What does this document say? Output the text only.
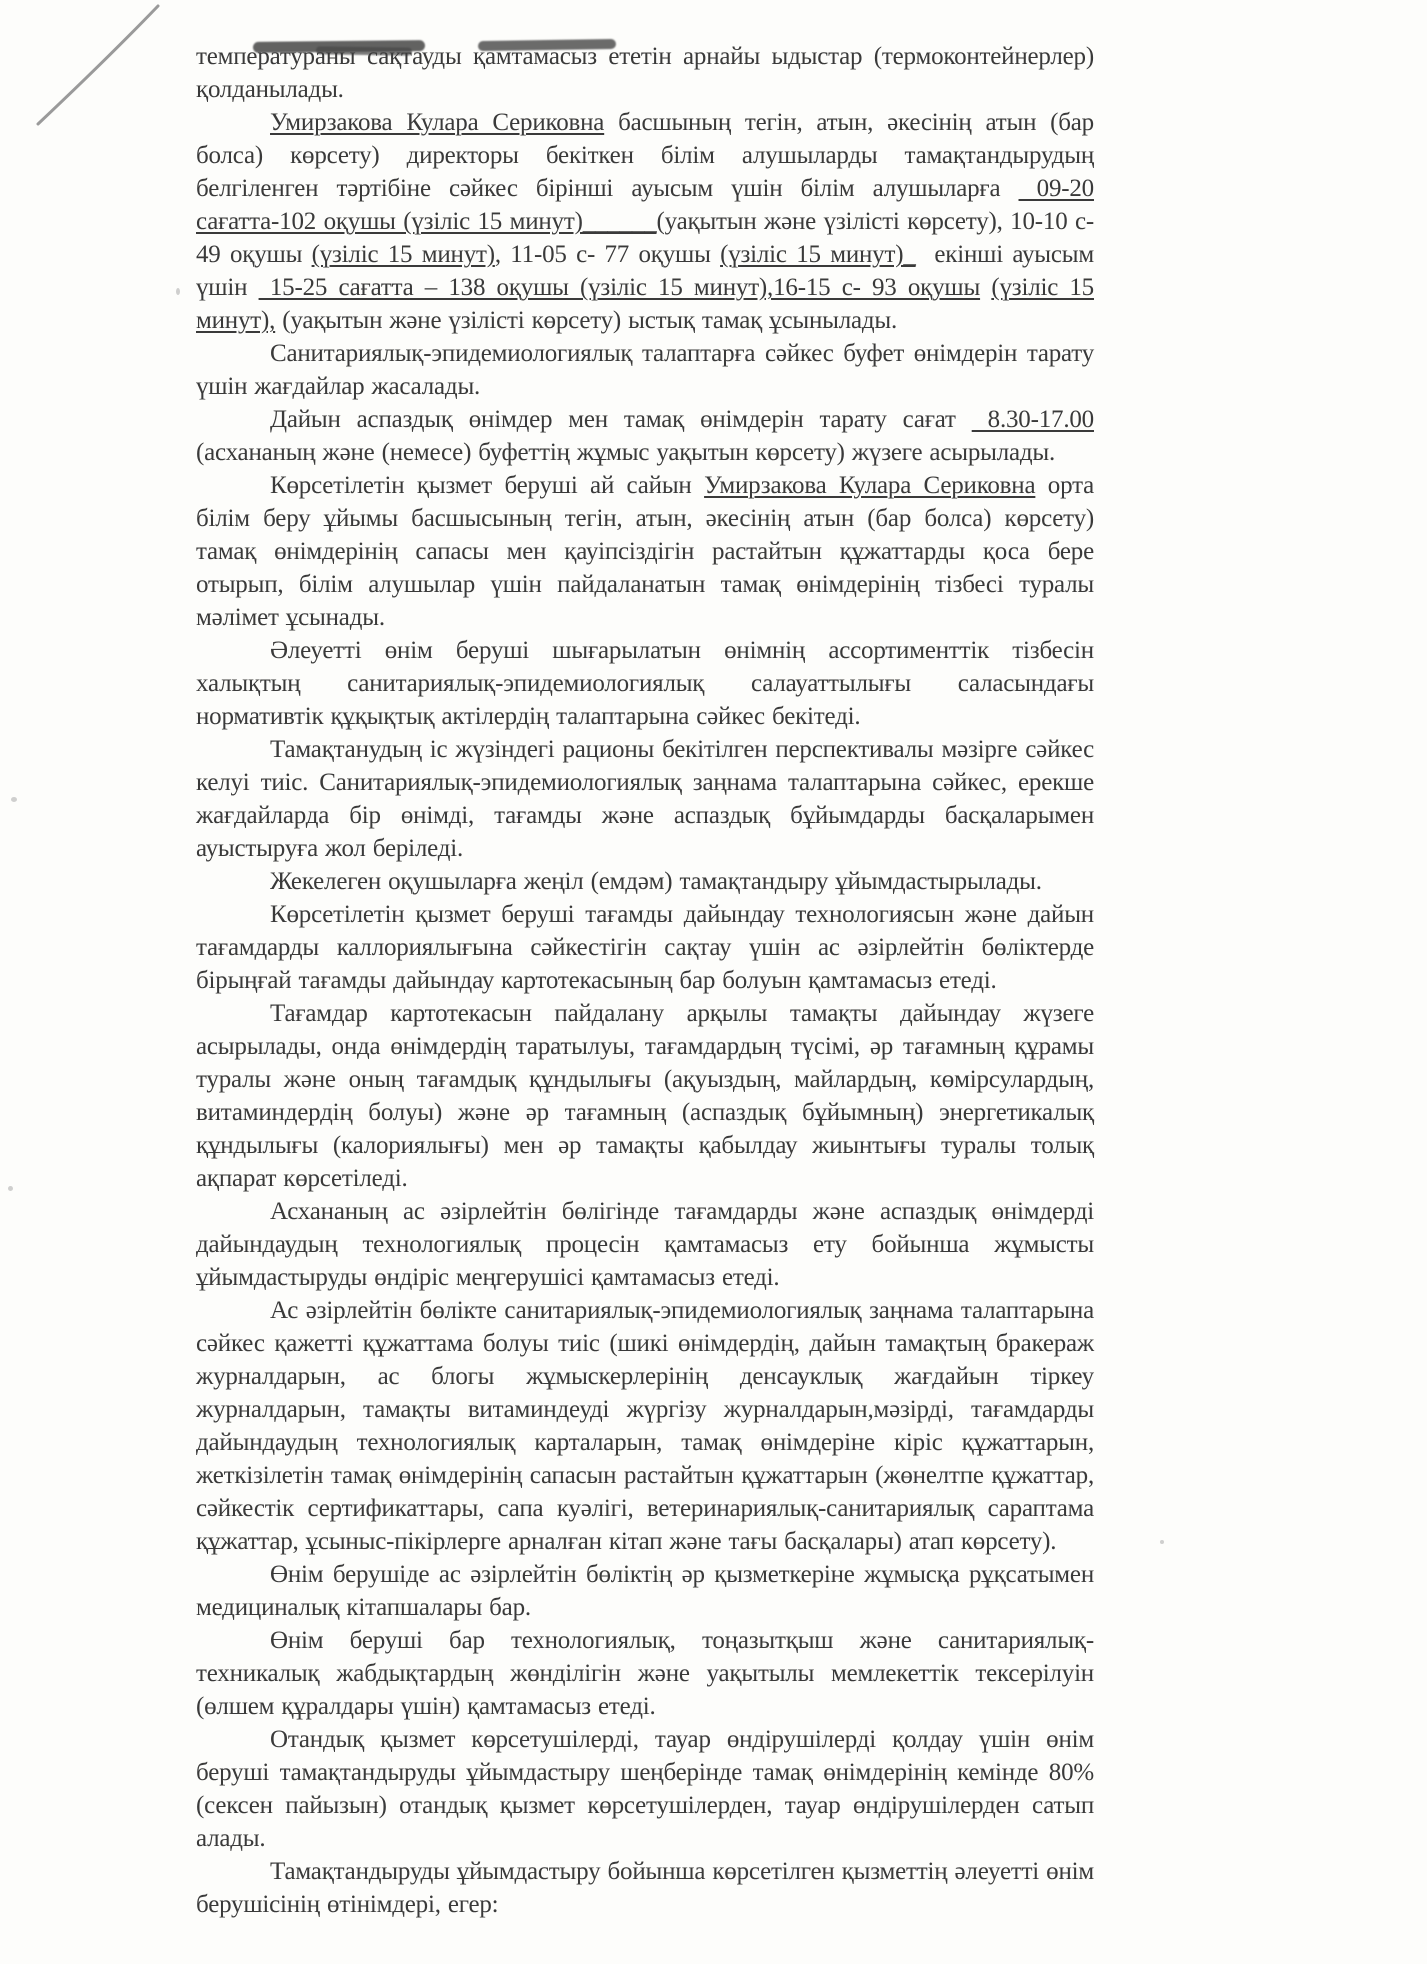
температураны сақтауды қамтамасыз ететін арнайы ыдыстар (термоконтейнерлер) қолданылады.

Умирзакова Кулара Сериковна басшының тегін, атын, әкесінің атын (бар болса) көрсету) директоры бекіткен білім алушыларды тамақтандырудың белгіленген тәртібіне сәйкес бірінші ауысым үшін білім алушыларға  09-20 сағатта-102 оқушы (үзіліс 15 минут)______(уақытын және үзілісті көрсету), 10-10 с- 49 оқушы (үзіліс 15 минут), 11-05 с- 77 оқушы (үзіліс 15 минут)_  екінші ауысым үшін  15-25 сағатта – 138 оқушы (үзіліс 15 минут),16-15 с- 93 оқушы (үзіліс 15 минут), (уақытын және үзілісті көрсету) ыстық тамақ ұсынылады.

Санитариялық-эпидемиологиялық талаптарға сәйкес буфет өнімдерін тарату үшін жағдайлар жасалады.

Дайын аспаздық өнімдер мен тамақ өнімдерін тарату сағат  8.30-17.00 (асхананың және (немесе) буфеттің жұмыс уақытын көрсету) жүзеге асырылады.

Көрсетілетін қызмет беруші ай сайын Умирзакова Кулара Сериковна орта білім беру ұйымы басшысының тегін, атын, әкесінің атын (бар болса) көрсету) тамақ өнімдерінің сапасы мен қауіпсіздігін растайтын құжаттарды қоса бере отырып, білім алушылар үшін пайдаланатын тамақ өнімдерінің тізбесі туралы мәлімет ұсынады.

Әлеуетті өнім беруші шығарылатын өнімнің ассортименттік тізбесін халықтың санитариялық-эпидемиологиялық салауаттылығы саласындағы нормативтік құқықтық актілердің талаптарына сәйкес бекітеді.

Тамақтанудың іс жүзіндегі рационы бекітілген перспективалы мәзірге сәйкес келуі тиіс. Санитариялық-эпидемиологиялық заңнама талаптарына сәйкес, ерекше жағдайларда бір өнімді, тағамды және аспаздық бұйымдарды басқаларымен ауыстыруға жол беріледі.

Жекелеген оқушыларға жеңіл (емдәм) тамақтандыру ұйымдастырылады.

Көрсетілетін қызмет беруші тағамды дайындау технологиясын және дайын тағамдарды каллориялығына сәйкестігін сақтау үшін ас әзірлейтін бөліктерде бірыңғай тағамды дайындау картотекасының бар болуын қамтамасыз етеді.

Тағамдар картотекасын пайдалану арқылы тамақты дайындау жүзеге асырылады, онда өнімдердің таратылуы, тағамдардың түсімі, әр тағамның құрамы туралы және оның тағамдық құндылығы (ақуыздың, майлардың, көмірсулардың, витаминдердің болуы) және әр тағамның (аспаздық бұйымның) энергетикалық құндылығы (калориялығы) мен әр тамақты қабылдау жиынтығы туралы толық ақпарат көрсетіледі.

Асхананың ас әзірлейтін бөлігінде тағамдарды және аспаздық өнімдерді дайындаудың технологиялық процесін қамтамасыз ету бойынша жұмысты ұйымдастыруды өндіріс меңгерушісі қамтамасыз етеді.

Ас әзірлейтін бөлікте санитариялық-эпидемиологиялық заңнама талаптарына сәйкес қажетті құжаттама болуы тиіс (шикі өнімдердің, дайын тамақтың бракераж журналдарын, ас блогы жұмыскерлерінің денсауклық жағдайын тіркеу журналдарын, тамақты витаминдеуді жүргізу журналдарын,мәзірді, тағамдарды дайындаудың технологиялық карталарын, тамақ өнімдеріне кіріс құжаттарын, жеткізілетін тамақ өнімдерінің сапасын растайтын құжаттарын (жөнелтпе құжаттар, сәйкестік сертификаттары, сапа куәлігі, ветеринариялық-санитариялық сараптама құжаттар, ұсыныс-пікірлерге арналған кітап және тағы басқалары) атап көрсету).

Өнім берушіде ас әзірлейтін бөліктің әр қызметкеріне жұмысқа рұқсатымен медициналық кітапшалары бар.

Өнім беруші бар технологиялық, тоңазытқыш және санитариялық-техникалық жабдықтардың жөнділігін және уақытылы мемлекеттік тексерілуін (өлшем құралдары үшін) қамтамасыз етеді.

Отандық қызмет көрсетушілерді, тауар өндірушілерді қолдау үшін өнім беруші тамақтандыруды ұйымдастыру шеңберінде тамақ өнімдерінің кемінде 80% (сексен пайызын) отандық қызмет көрсетушілерден, тауар өндірушілерден сатып алады.

Тамақтандыруды ұйымдастыру бойынша көрсетілген қызметтің әлеуетті өнім берушісінің өтінімдері, егер:
